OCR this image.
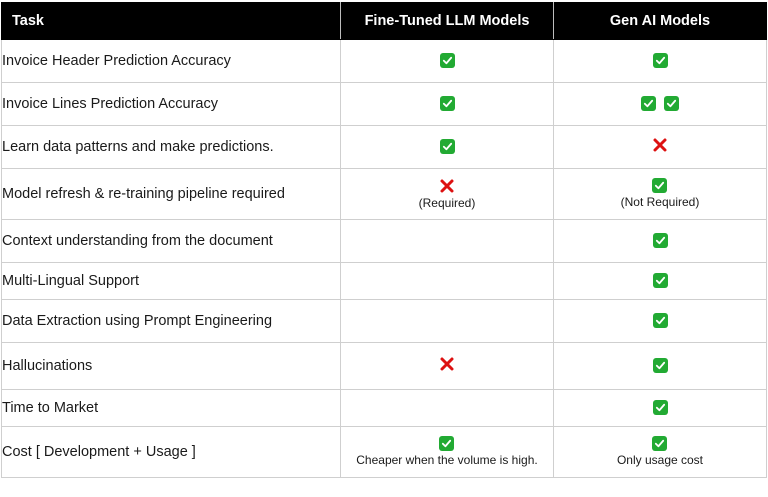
Task	Fine-Tuned LLM Models	Gen AI Models
Invoice Header Prediction Accuracy	

Invoice Lines Prediction Accuracy	

Learn data patterns and make predictions.	

Model refresh & re-training pipeline required	(Required)	(Not Required)

Context understanding from the document		

Multi-Lingual Support		

Data Extraction using Prompt Engineering		

Hallucinations	

Time to Market		

Cost [ Development + Usage ]	Cheaper when the volume is high.	Only usage cost
